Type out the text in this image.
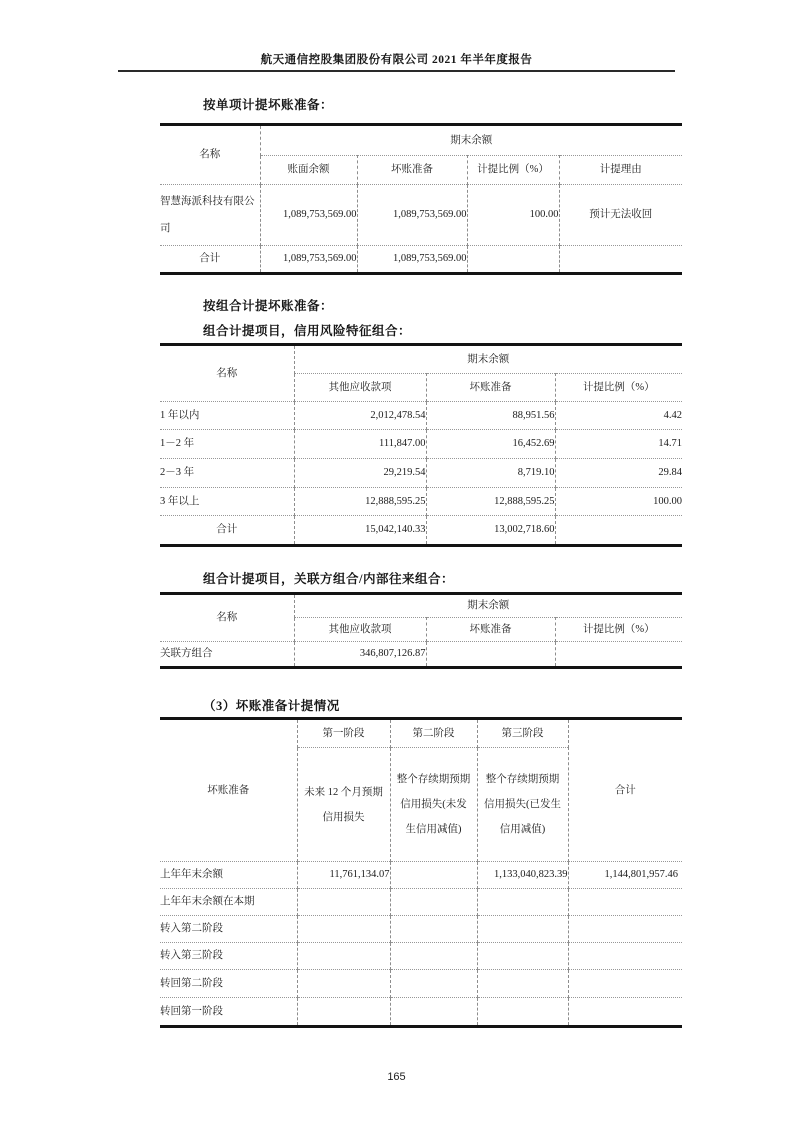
航天通信控股集团股份有限公司 2021 年半年度报告
按单项计提坏账准备：
名称	期末余额			
	账面余额	坏账准备	计提比例（%）	计提理由
智慧海派科技有限公司	1,089,753,569.00	1,089,753,569.00	100.00	预计无法收回
合计	1,089,753,569.00	1,089,753,569.00		
按组合计提坏账准备：
组合计提项目，信用风险特征组合：
名称	期末余额		
	其他应收款项	坏账准备	计提比例（%）
1 年以内	2,012,478.54	88,951.56	4.42
1－2 年	111,847.00	16,452.69	14.71
2－3 年	29,219.54	8,719.10	29.84
3 年以上	12,888,595.25	12,888,595.25	100.00
合计	15,042,140.33	13,002,718.60	
组合计提项目，关联方组合/内部往来组合：
名称	期末余额		
	其他应收款项	坏账准备	计提比例（%）
关联方组合	346,807,126.87		
（3）坏账准备计提情况
坏账准备	第一阶段	第二阶段	第三阶段	合计
	未来 12 个月预期信用损失	整个存续期预期信用损失(未发生信用减值)	整个存续期预期信用损失(已发生信用减值)	
上年年末余额	11,761,134.07		1,133,040,823.39	1,144,801,957.46
上年年末余额在本期				
转入第二阶段				
转入第三阶段				
转回第二阶段				
转回第一阶段				
165
